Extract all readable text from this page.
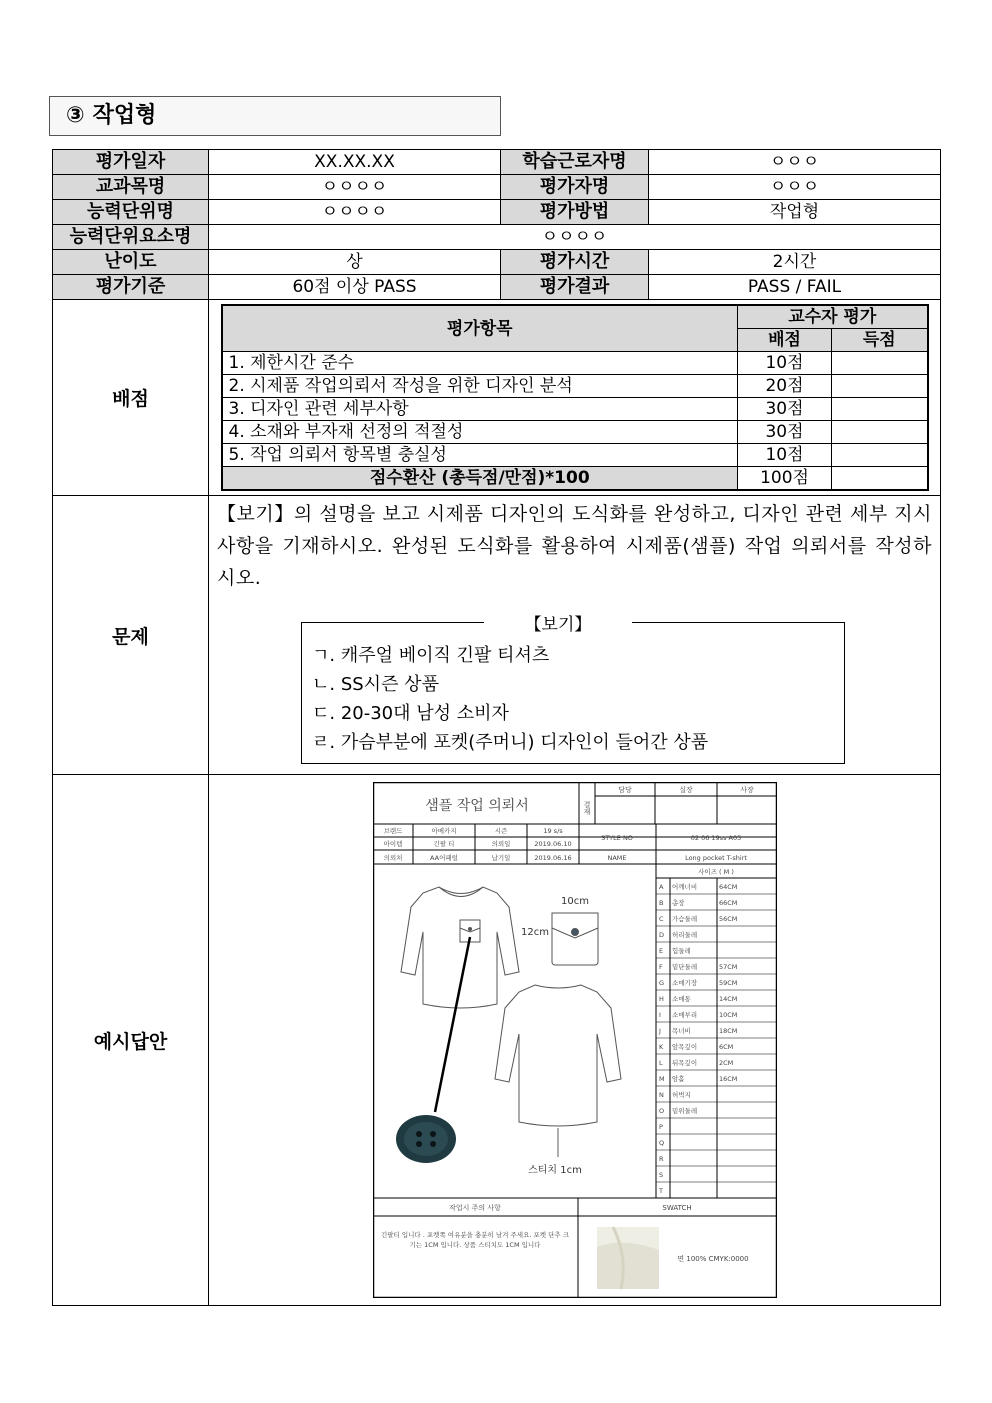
③ 작업형
평가일자	XX.XX.XX	학습근로자명	ㅇㅇㅇ
교과목명	ㅇㅇㅇㅇ	평가자명	ㅇㅇㅇ
능력단위명	ㅇㅇㅇㅇ	평가방법	작업형
능력단위요소명	ㅇㅇㅇㅇ
난이도	상	평가시간	2시간
평가기준	60점 이상 PASS	평가결과	PASS / FAIL
배점	
평가항목	교수자 평가
배점	득점
1. 제한시간 준수	10점	
2. 시제품 작업의뢰서 작성을 위한 디자인 분석	20점	
3. 디자인 관련 세부사항	30점	
4. 소재와 부자재 선정의 적절성	30점	
5. 작업 의뢰서 항목별 충실성	10점	
점수환산 (총득점/만점)*100	100점	

문제	
【보기】의 설명을 보고 시제품 디자인의 도식화를 완성하고, 디자인 관련 세부 지시사항을 기재하시오. 완성된 도식화를 활용하여 시제품(샘플) 작업 의뢰서를 작성하시오.
【보기】
ㄱ. 캐주얼 베이직 긴팔 티셔츠
ㄴ. SS시즌 상품
ㄷ. 20-30대 남성 소비자
ㄹ. 가슴부분에 포켓(주머니) 디자인이 들어간 상품

예시답안	
샘플 작업 의뢰서	결재
담당	실장	사장
브랜드	아메카지	시즌	19 s/s
아이템	긴팔 티	의뢰일	2019.06.10
의뢰처	AA어패럴	납기일	2019.06.16
STYLE NO	02 06 19ss A05
NAME	Long pocket T-shirt
사이즈 ( M )
A 어깨너비	64CM
B 총장	66CM
C 가슴둘레	56CM
D 허리둘레
E 힙둘레
F 밑단둘레	57CM
G 소매기장	59CM
H 소매통	14CM
I 소매부리	10CM
J 목너비	18CM
K 앞목깊이	6CM
L 뒤목깊이	2CM
M 암홀	16CM
N 허벅지
O 밑위둘레
P
Q
R
S
T
10cm
12cm
스티치 1cm
작업시 주의 사항	SWATCH
긴팔티 입니다 . 포켓쪽 여유분을 충분히 남겨 주세요. 포켓 단추 크기는 1CM 입니다. 상품 스티치도 1CM 입니다
면 100% CMYK:0000
